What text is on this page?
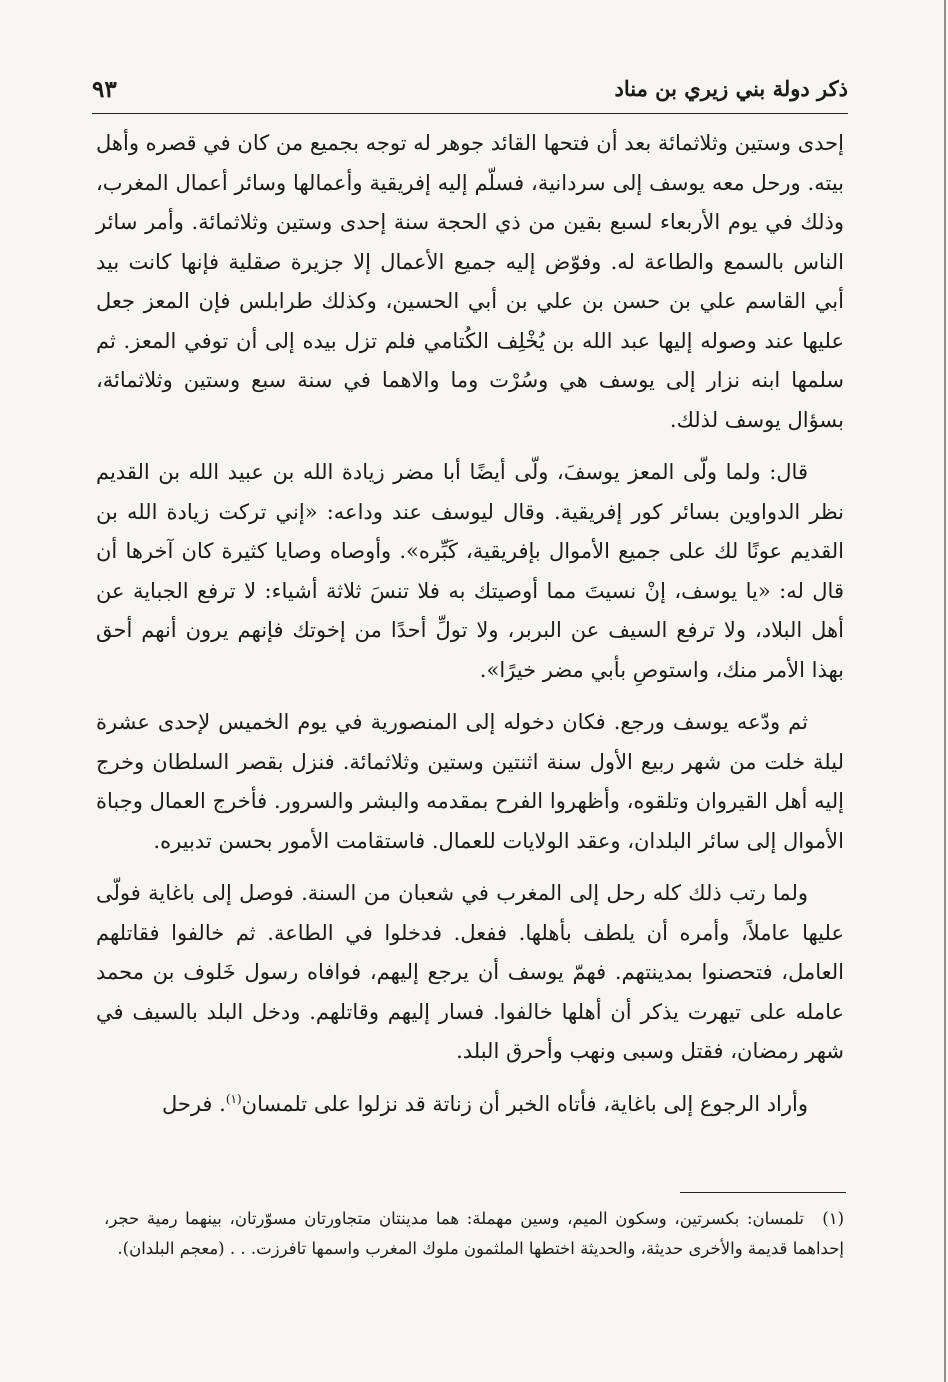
ذكر دولة بني زيري بن مناد
٩٣

إحدى وستين وثلاثمائة بعد أن فتحها القائد جوهر له توجه بجميع من كان في قصره وأهل بيته. ورحل معه يوسف إلى سردانية، فسلّم إليه إفريقية وأعمالها وسائر أعمال المغرب، وذلك في يوم الأربعاء لسبع بقين من ذي الحجة سنة إحدى وستين وثلاثمائة. وأمر سائر الناس بالسمع والطاعة له. وفوّض إليه جميع الأعمال إلا جزيرة صقلية فإنها كانت بيد أبي القاسم علي بن حسن بن علي بن أبي الحسين، وكذلك طرابلس فإن المعز جعل عليها عند وصوله إليها عبد الله بن يُخْلِف الكُتامي فلم تزل بيده إلى أن توفي المعز. ثم سلمها ابنه نزار إلى يوسف هي وسُرْت وما والاهما في سنة سبع وستين وثلاثمائة، بسؤال يوسف لذلك.

قال: ولما ولّى المعز يوسفَ، ولّى أيضًا أبا مضر زيادة الله بن عبيد الله بن القديم نظر الدواوين بسائر كور إفريقية. وقال ليوسف عند وداعه: «إني تركت زيادة الله بن القديم عونًا لك على جميع الأموال بإفريقية، كَبِّره». وأوصاه وصايا كثيرة كان آخرها أن قال له: «يا يوسف، إنْ نسيتَ مما أوصيتك به فلا تنسَ ثلاثة أشياء: لا ترفع الجباية عن أهل البلاد، ولا ترفع السيف عن البربر، ولا تولِّ أحدًا من إخوتك فإنهم يرون أنهم أحق بهذا الأمر منك، واستوصِ بأبي مضر خيرًا».

ثم ودّعه يوسف ورجع. فكان دخوله إلى المنصورية في يوم الخميس لإحدى عشرة ليلة خلت من شهر ربيع الأول سنة اثنتين وستين وثلاثمائة. فنزل بقصر السلطان وخرج إليه أهل القيروان وتلقوه، وأظهروا الفرح بمقدمه والبشر والسرور. فأخرج العمال وجباة الأموال إلى سائر البلدان، وعقد الولايات للعمال. فاستقامت الأمور بحسن تدبيره.

ولما رتب ذلك كله رحل إلى المغرب في شعبان من السنة. فوصل إلى باغاية فولّى عليها عاملاً، وأمره أن يلطف بأهلها. ففعل. فدخلوا في الطاعة. ثم خالفوا فقاتلهم العامل، فتحصنوا بمدينتهم. فهمّ يوسف أن يرجع إليهم، فوافاه رسول خَلوف بن محمد عامله على تيهرت يذكر أن أهلها خالفوا. فسار إليهم وقاتلهم. ودخل البلد بالسيف في شهر رمضان، فقتل وسبى ونهب وأحرق البلد.

وأراد الرجوع إلى باغاية، فأتاه الخبر أن زناتة قد نزلوا على تلمسان$^{(١)}$. فرحل

(١)تلمسان: بكسرتين، وسكون الميم، وسين مهملة: هما مدينتان متجاورتان مسوّرتان، بينهما رمية حجر، إحداهما قديمة والأخرى حديثة، والحديثة اختطها الملثمون ملوك المغرب واسمها تافرزت. . . (معجم البلدان).
